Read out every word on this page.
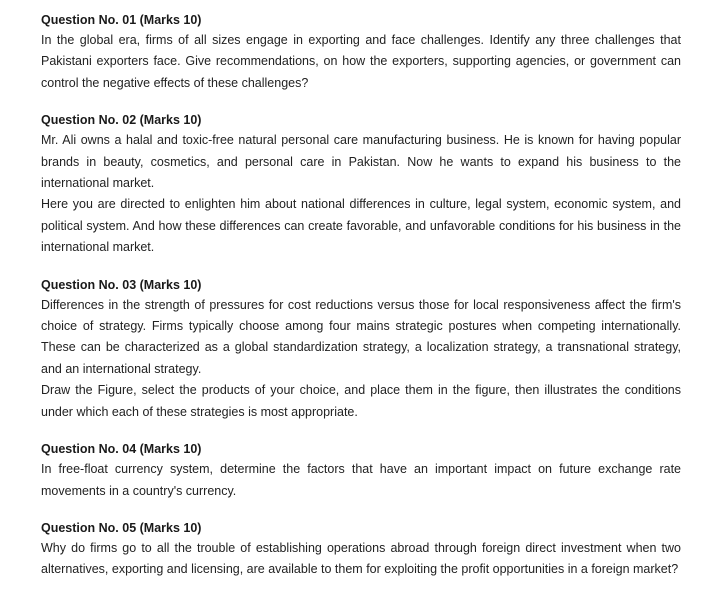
Question No. 01 (Marks 10)

In the global era, firms of all sizes engage in exporting and face challenges. Identify any three challenges that Pakistani exporters face. Give recommendations, on how the exporters, supporting agencies, or government can control the negative effects of these challenges?

Question No. 02 (Marks 10)

Mr. Ali owns a halal and toxic-free natural personal care manufacturing business. He is known for having popular brands in beauty, cosmetics, and personal care in Pakistan. Now he wants to expand his business to the international market.

Here you are directed to enlighten him about national differences in culture, legal system, economic system, and political system. And how these differences can create favorable, and unfavorable conditions for his business in the international market.

Question No. 03 (Marks 10)

Differences in the strength of pressures for cost reductions versus those for local responsiveness affect the firm's choice of strategy. Firms typically choose among four mains strategic postures when competing internationally. These can be characterized as a global standardization strategy, a localization strategy, a transnational strategy, and an international strategy.

Draw the Figure, select the products of your choice, and place them in the figure, then illustrates the conditions under which each of these strategies is most appropriate.

Question No. 04 (Marks 10)

In free-float currency system, determine the factors that have an important impact on future exchange rate movements in a country's currency.

Question No. 05 (Marks 10)

Why do firms go to all the trouble of establishing operations abroad through foreign direct investment when two alternatives, exporting and licensing, are available to them for exploiting the profit opportunities in a foreign market?
